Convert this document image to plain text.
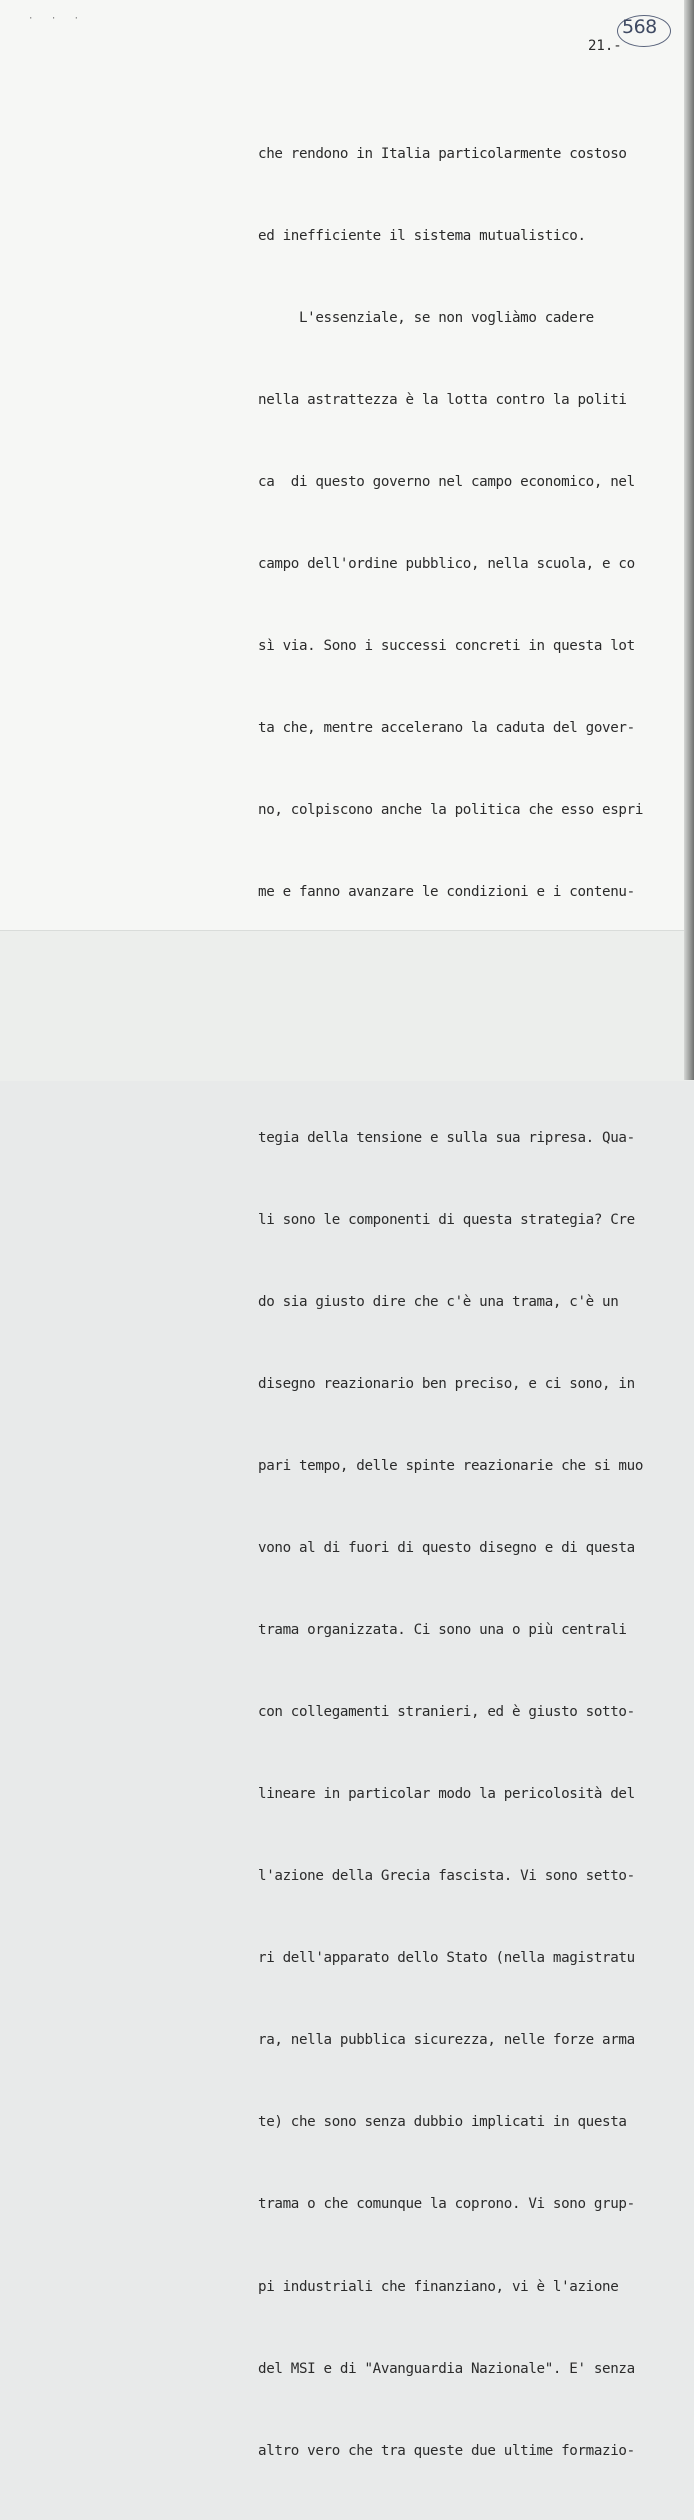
· · ·	568
21.-

che rendono in Italia particolarmente costoso

ed inefficiente il sistema mutualistico.

L'essenziale, se non vogliàmo cadere

nella astrattezza è la lotta contro la politi

ca  di questo governo nel campo economico, nel

campo dell'ordine pubblico, nella scuola, e co

sì via. Sono i successi concreti in questa lot

ta che, mentre accelerano la caduta del gover-

no, colpiscono anche la politica che esso espri

me e fanno avanzare le condizioni e i contenu-

tegia della tensione e sulla sua ripresa. Qua-

li sono le componenti di questa strategia? Cre

do sia giusto dire che c'è una trama, c'è un

disegno reazionario ben preciso, e ci sono, in

pari tempo, delle spinte reazionarie che si muo

vono al di fuori di questo disegno e di questa

trama organizzata. Ci sono una o più centrali

con collegamenti stranieri, ed è giusto sotto-

lineare in particolar modo la pericolosità del

l'azione della Grecia fascista. Vi sono setto-

ri dell'apparato dello Stato (nella magistratu

ra, nella pubblica sicurezza, nelle forze arma

te) che sono senza dubbio implicati in questa

trama o che comunque la coprono. Vi sono grup-

pi industriali che finanziano, vi è l'azione

del MSI e di "Avanguardia Nazionale". E' senza

altro vero che tra queste due ultime formazio-
